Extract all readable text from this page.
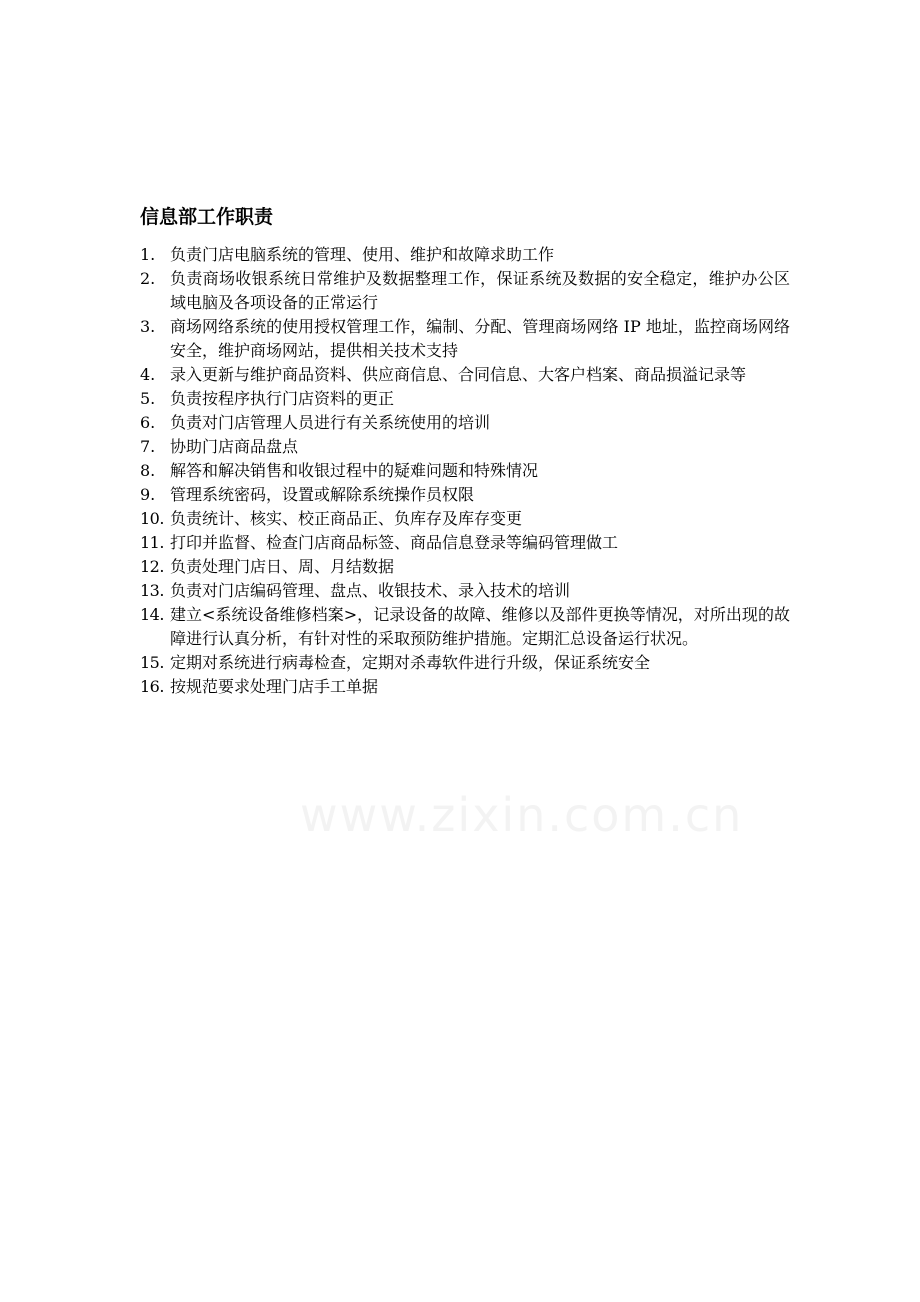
www.zixin.com.cn
信息部工作职责
1. 负责门店电脑系统的管理、使用、维护和故障求助工作
2. 负责商场收银系统日常维护及数据整理工作，保证系统及数据的安全稳定，维护办公区域电脑及各项设备的正常运行
3. 商场网络系统的使用授权管理工作，编制、分配、管理商场网络 IP 地址，监控商场网络安全，维护商场网站，提供相关技术支持
4. 录入更新与维护商品资料、供应商信息、合同信息、大客户档案、商品损溢记录等
5. 负责按程序执行门店资料的更正
6. 负责对门店管理人员进行有关系统使用的培训
7. 协助门店商品盘点
8. 解答和解决销售和收银过程中的疑难问题和特殊情况
9. 管理系统密码，设置或解除系统操作员权限
10. 负责统计、核实、校正商品正、负库存及库存变更
11. 打印并监督、检查门店商品标签、商品信息登录等编码管理做工
12. 负责处理门店日、周、月结数据
13. 负责对门店编码管理、盘点、收银技术、录入技术的培训
14. 建立<系统设备维修档案>，记录设备的故障、维修以及部件更换等情况，对所出现的故障进行认真分析，有针对性的采取预防维护措施。定期汇总设备运行状况。
15. 定期对系统进行病毒检查，定期对杀毒软件进行升级，保证系统安全
16. 按规范要求处理门店手工单据
